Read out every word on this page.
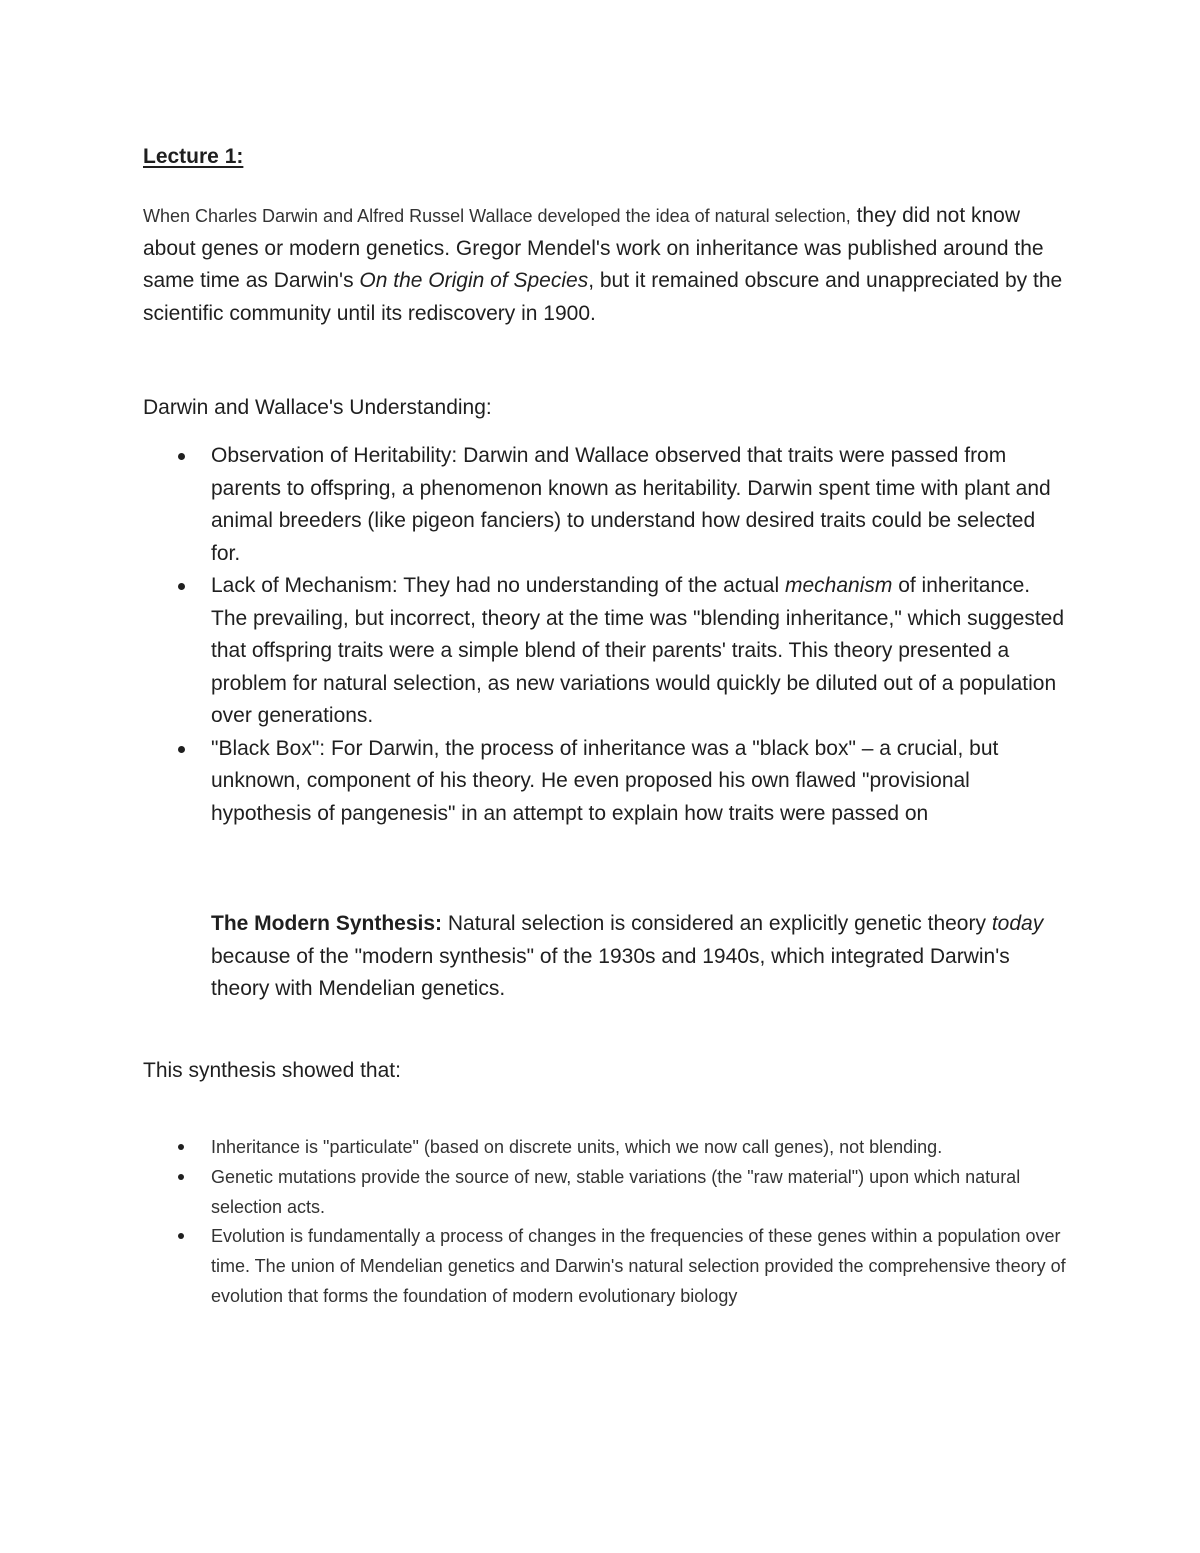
Lecture 1:

When Charles Darwin and Alfred Russel Wallace developed the idea of natural selection, they did not know about genes or modern genetics. Gregor Mendel's work on inheritance was published around the same time as Darwin's On the Origin of Species, but it remained obscure and unappreciated by the scientific community until its rediscovery in 1900.

Darwin and Wallace's Understanding:

Observation of Heritability: Darwin and Wallace observed that traits were passed from parents to offspring, a phenomenon known as heritability. Darwin spent time with plant and animal breeders (like pigeon fanciers) to understand how desired traits could be selected for.
Lack of Mechanism: They had no understanding of the actual mechanism of inheritance. The prevailing, but incorrect, theory at the time was "blending inheritance," which suggested that offspring traits were a simple blend of their parents' traits. This theory presented a problem for natural selection, as new variations would quickly be diluted out of a population over generations.
"Black Box": For Darwin, the process of inheritance was a "black box" – a crucial, but unknown, component of his theory. He even proposed his own flawed "provisional hypothesis of pangenesis" in an attempt to explain how traits were passed on

The Modern Synthesis: Natural selection is considered an explicitly genetic theory today because of the "modern synthesis" of the 1930s and 1940s, which integrated Darwin's theory with Mendelian genetics.

This synthesis showed that:

Inheritance is "particulate" (based on discrete units, which we now call genes), not blending.
Genetic mutations provide the source of new, stable variations (the "raw material") upon which natural selection acts.
Evolution is fundamentally a process of changes in the frequencies of these genes within a population over time. The union of Mendelian genetics and Darwin's natural selection provided the comprehensive theory of evolution that forms the foundation of modern evolutionary biology
